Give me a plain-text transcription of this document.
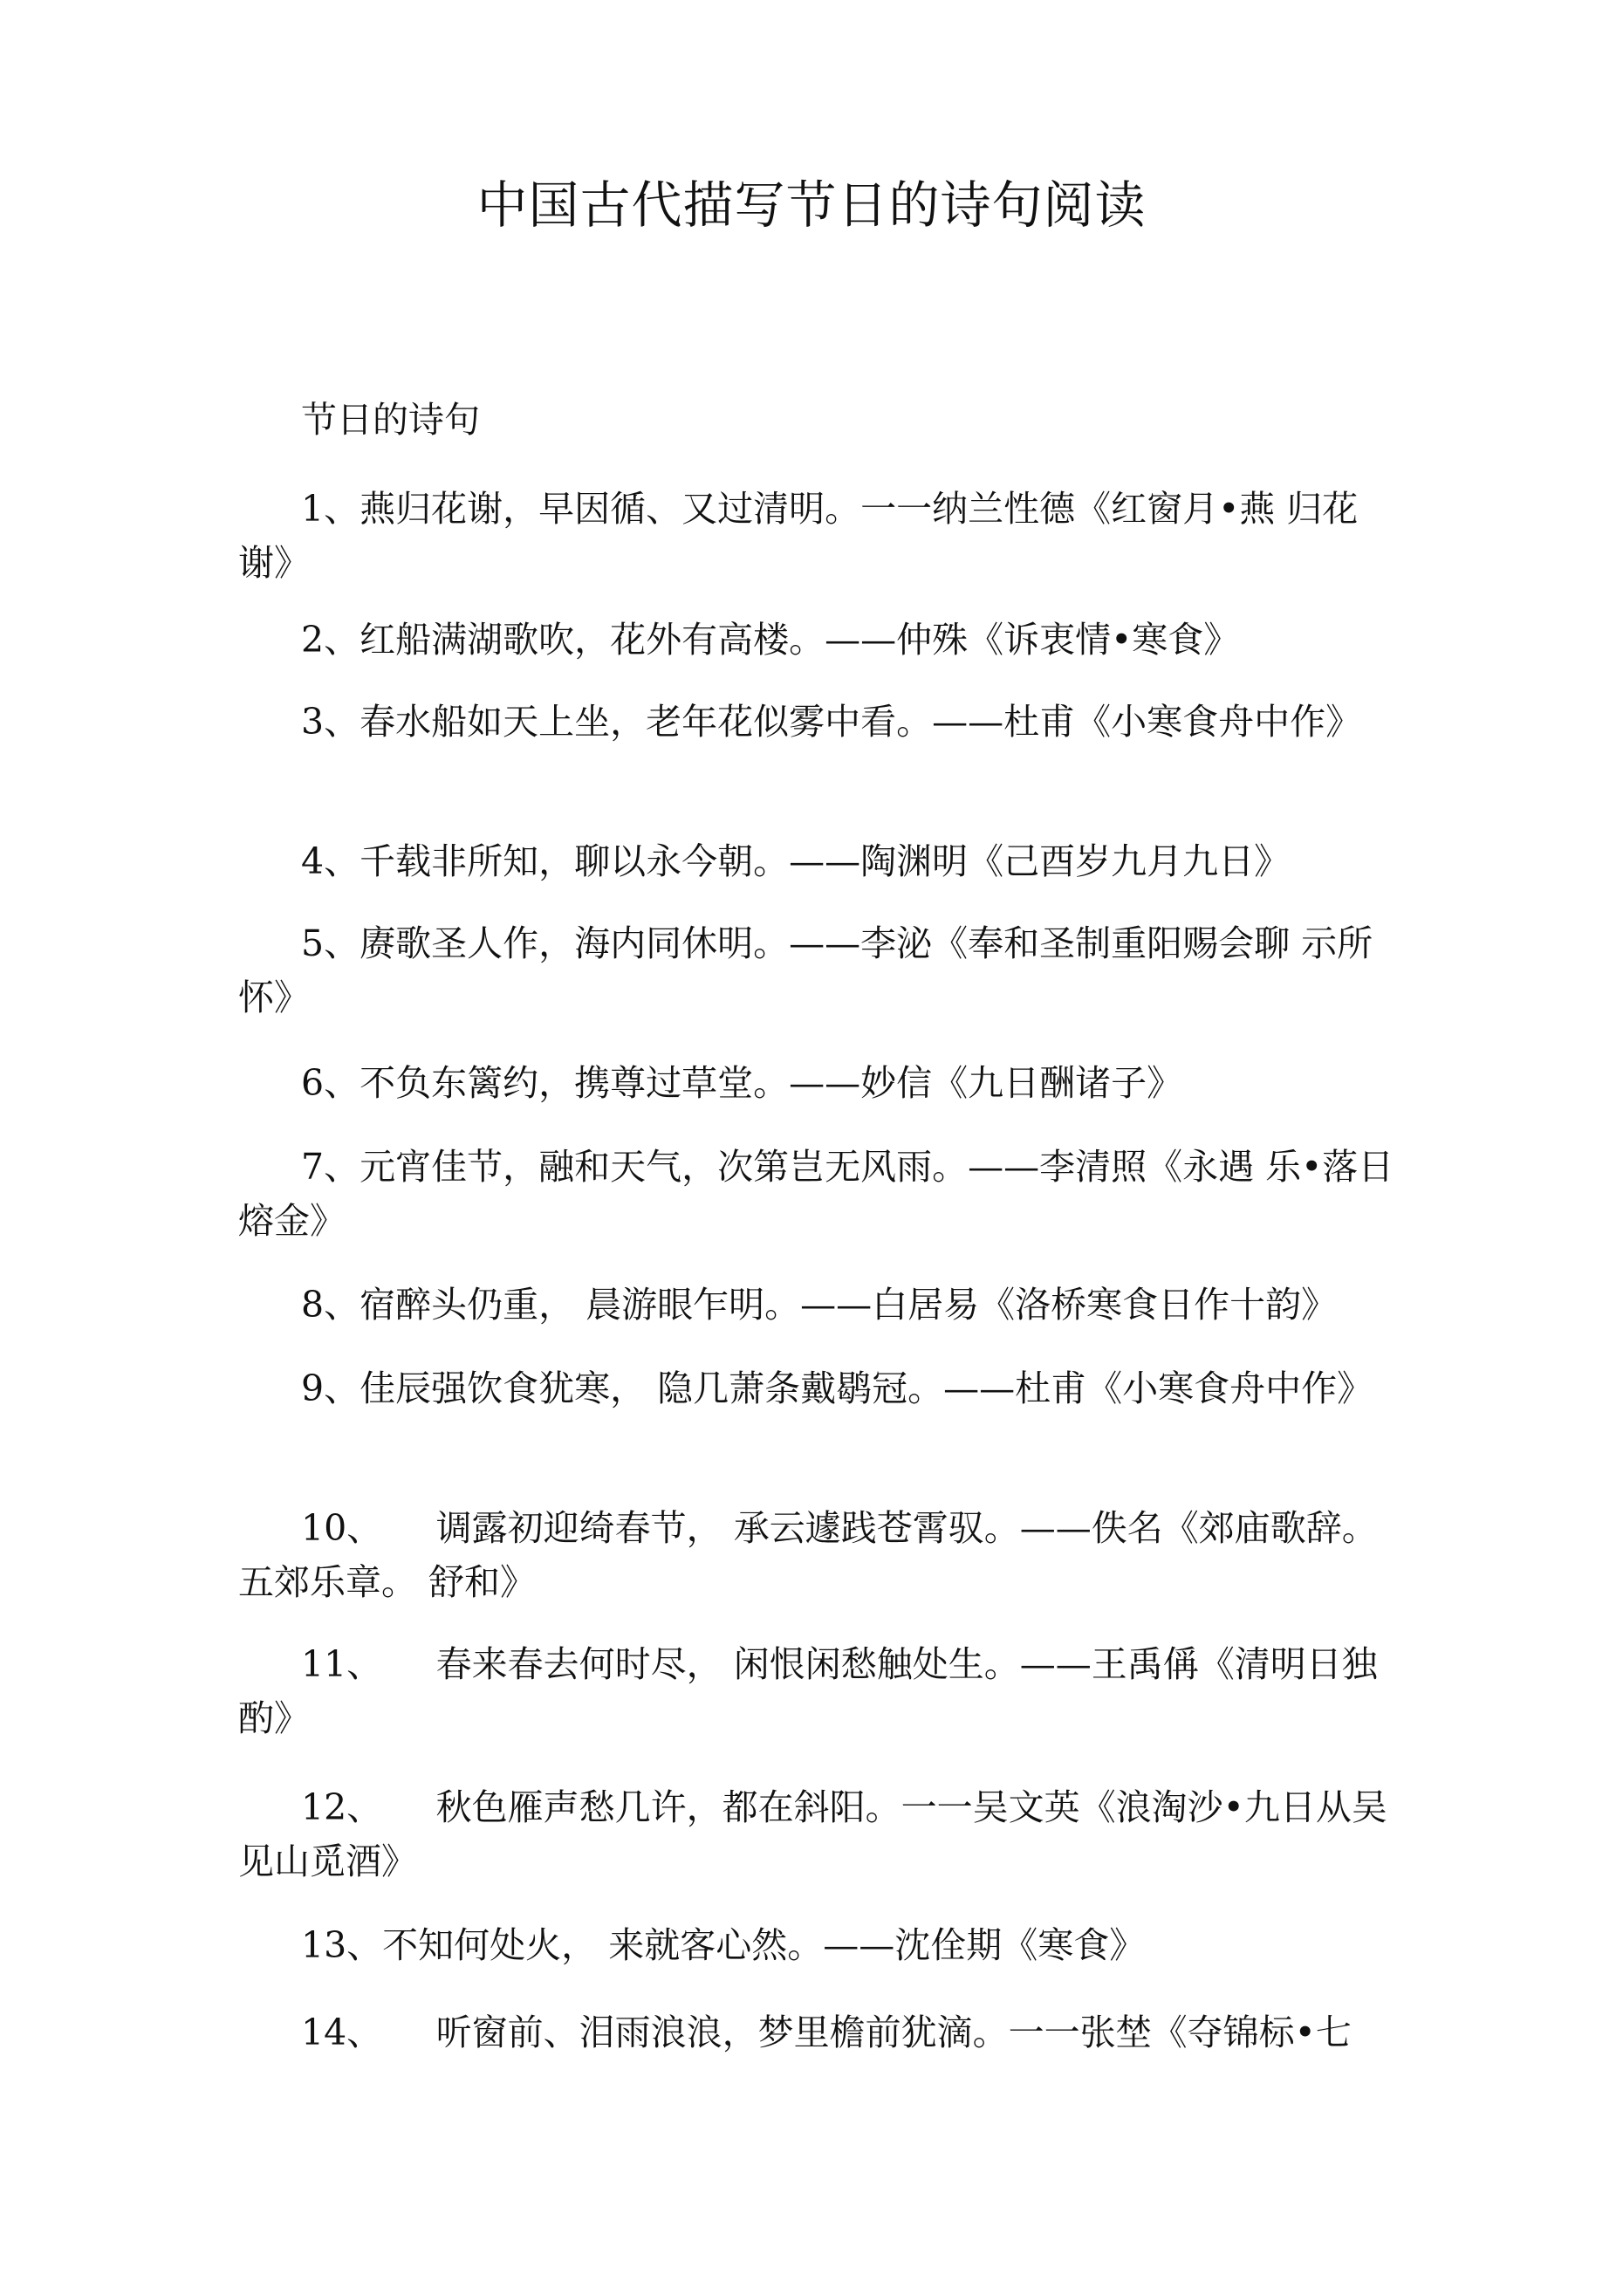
中国古代描写节日的诗句阅读
节日的诗句
1、燕归花谢，早因循、又过清明。一一纳兰性德《红窗月•燕 归花谢》
2、红船满湖歌吹，花外有高楼。——仲殊《诉衷情•寒食》
3、春水船如天上坐，老年花似雾中看。——杜甫《小寒食舟中作》
4、千载非所知，聊以永今朝。——陶渊明《己酉岁九月九日》
5、赓歌圣人作，海内同休明。——李泌《奉和圣制重阳赐会聊 示所怀》
6、不负东篱约，携尊过草堂。——妙信《九日酬诸子》
7、元宵佳节，融和天气，次第岂无风雨。——李清照《永遇 乐•落日熔金》
8、宿醉头仍重， 晨游眼乍明。——白居易《洛桥寒食日作十韵》
9、佳辰强饮食犹寒， 隐几萧条戴鹖冠。——杜甫《小寒食舟中作》
10、　　调露初迎绮春节， 承云遽践苍霄驭。——佚名《郊庙歌辞。 五郊乐章。 舒和》
11、　　春来春去何时尽， 闲恨闲愁触处生。——王禹偁《清明日独 酌》
12、　　秋色雁声愁几许，都在斜阳。一一吴文英《浪淘沙•九日从吴见山觅酒》
13、不知何处火， 来就客心然。——沈佺期《寒食》
14、　　听窗前、泪雨浪浪，梦里檐前犹滴。一一张埜《夺锦标•七
